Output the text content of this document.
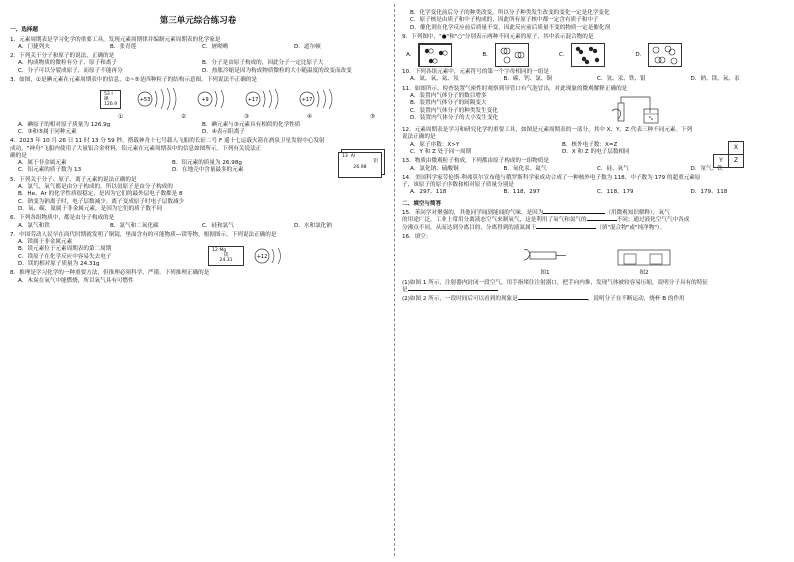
第三单元综合练习卷
一、选择题
1．元素周期表是学习化学的重要工具，发现元素周期律并编制元素周期表的化学家是
A．门捷列夫	B．张青莲	C．屠呦呦	D．道尔顿
2．下列关于分子和原子的说法，正确的是
A．构成物质的微粒有分子、原子和离子	B．分子是由原子构成的，因此分子一定比原子大
C．分子可以分裂成原子，而原子不能再分	D．热胀冷缩是因为构成物质微粒的大小随温度的改变而改变
3．如图，①是碘元素在元素周期表中的信息，②~⑤是四种粒子的结构示意图，下列说法不正确的是
53 I
碘
126.9
+53	+9	+17	+17
①	②	③	④	⑤
A．碘原子的相对原子质量为 126.9g	B．碘元素与③元素具有相似的化学性质
C．③和⑤属于同种元素	D．④表示阳离子
4．2023 年 10 月 26 日 11 时 13 分 59 秒，搭载神舟十七号载人飞船的长征二号 F 遥十七运载火箭在酒泉卫星发射中心发射成功，"神舟"飞船内使用了大量铝合金材料，铝元素在元素周期表中的信息如图所示。下列有关说法正
确的是	13 Al
铝
26.98
A．属于非金属元素	B．铝元素的质量为 26.98g
C．铝元素的质子数为 13	D．在地壳中含量最多的元素
5．下列关于分子、原子、离子元素的说法正确的是
A．氯气、氧气都是由分子构成的，所以氢原子是由分子构成的
B．He、Ar 的化学性质很稳定，是因为它们的最外层电子数都是 8
C．钠变为钠离子时，电子层数减少，离子变成原子时电子层数减少
D．氧、碳、氮属于非金属元素，是因为它们的质子数不同
6．下列各组物质中，都是由分子构成的是
A．氯气和铁	B．氯气和二氧化碳	C．硅和氯气	D．水和氯化钠
7．中国劳动人民早在商代时期就发明了铜镜，里面含有的可能物质—镁等物，根据图示，下列说法正确的是
A．镁属于非金属元素
B．镁元素位于元素周期表的第二周期
C．镁原子在化学反应中容易失去电子
D．镁的相对原子质量为 24.31g
12 Mg
镁
24.31
+12
8．推理是学习化学的一种重要方法，但推理必须科学、严谨。下列推理正确的是
A．木炭在氧气中能燃烧，所以氧气具有可燃性
B．化学变化前后分子的种类改变，所以分子种类发生改变的变化一定是化学变化
C．原子核是由质子和中子构成的，因此所有原子核中都一定含有质子和中子
D．催化剂在化学反应前后质量不变，因此反应前后质量不变的物质一定是催化剂
9．下列图中，"●"和"○"分别表示两种不同元素的原子，其中表示混合物的是
A．	B．	C．	D．
10．下列各组元素中，元素符号的第一个字母相同的一组是
A．氮、氧、氦、氖	B．碳、钙、氯、铜	C．氢、汞、铁、银	D．钠、镁、氧、汞
11．如图所示，检查装置气密性时观察到导管口有气泡冒出，对此现象的微观解释正确的是
A．装置内气体分子的数目增多
B．装置内气体分子的间隔变大
C．装置内气体分子的种类发生变化
D．装置内气体分子的大小发生变化
12．元素周期表是学习和研究化学的重要工具，如图是元素周期表的一部分，其中 X、Y、Z 代表三种不同元素。下列
说法正确的是
A．原子序数：X>Y	B．核外电子数：X=Z
C．Y 和 Z 处于同一周期	D．X 和 Z 的电子层数相同
	X
Y	Z
13．物质由微观粒子构成，下列都由原子构成的一组物质是
A．氯化钠、硫酸铜	B．氧化汞、氦气	C．硅、氧气	D．氖气、铁
14．美国科学家劳伦斯·利弗莫尔宣布他与俄罗斯科学家成功合成了一种核外电子数为 118、中子数为 179 的超重元素原
子，该原子的原子序数和相对原子质量分别是
A．297、118	B．118、297	C．118、179	D．179、118
二、填空与简答
15．苯同学对聚强的，其他同学闻到能闻的气味，是因为	（用微观知识解释），氧气
的用途广泛，工业上常用分离液态空气来制氧气，这是利用了氧气和氮气的	不同；通过液化空气气中各成
分沸点不同，从而达到分离目的，分离得到的液氮属于	（填"混合物"或"纯净物"）。
16．填空：
图1	图2
(1)如图 1 所示，注射器内封闭一段空气，用手指堵住注射器口，把手向内推，发现气体被较容易压缩，说明分子具有的特征
是
(2)如图 2 所示，一段时间后可以看到的现象是	，说明分子在不断运动，烧杯 B 的作用
